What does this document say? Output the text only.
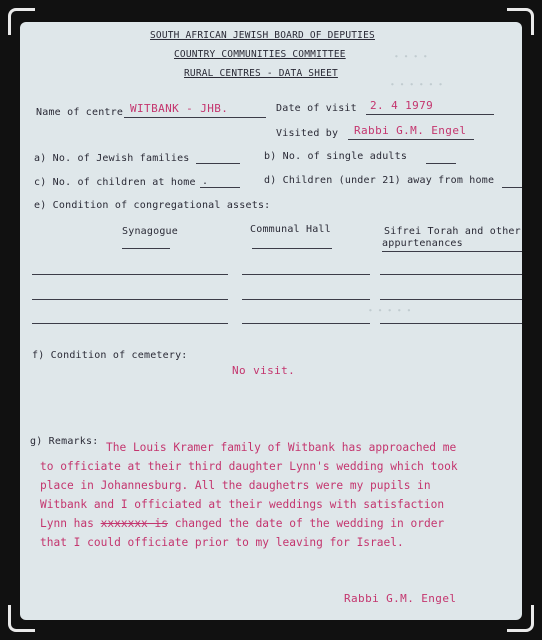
∙ ∙ ∙ ∙
∙ ∙ ∙ ∙ ∙ ∙
∙ ∙ ∙ ∙ ∙
SOUTH AFRICAN JEWISH BOARD OF DEPUTIES
COUNTRY COMMUNITIES COMMITTEE
RURAL CENTRES - DATA SHEET
Name of centre WITBANK - JHB.	Date of visit 2. 4 1979
Visited by Rabbi G.M. Engel
a) No. of Jewish families	b) No. of single adults
c) No. of children at home .	d) Children (under 21) away from home
e) Condition of congregational assets:
Synagogue	Communal Hall	Sifrei Torah and other
appurtenances
f) Condition of cemetery:
No visit.
g) Remarks: The Louis Kramer family of Witbank has approached me
to officiate at their third daughter Lynn's wedding which took
place in Johannesburg. All the daughetrs were my pupils in
Witbank and I officiated at their weddings with satisfaction
Lynn has xxxxxxx is changed the date of the wedding in order
that I could officiate prior to my leaving for Israel.
Rabbi G.M. Engel
